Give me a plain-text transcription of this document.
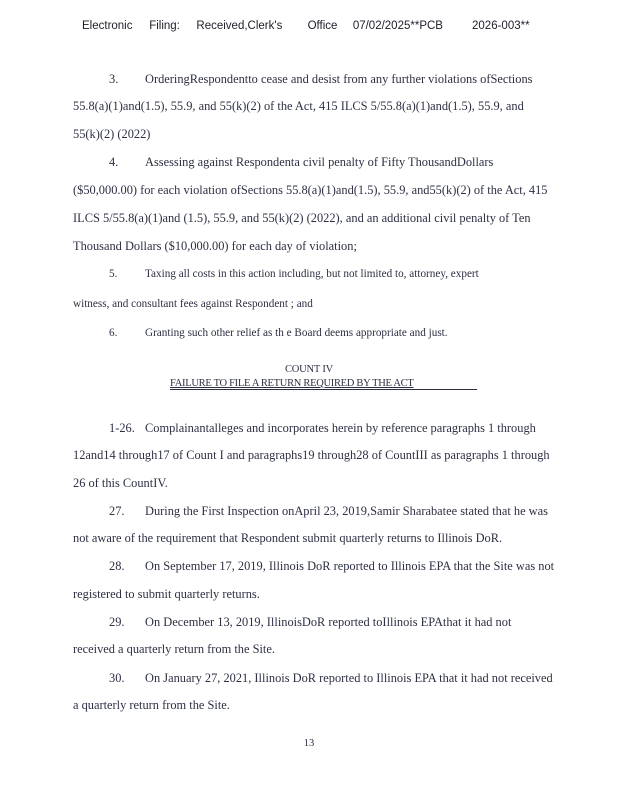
Electronic Filing: Received,Clerk's Office 07/02/2025**PCB	2026-003**
3. OrderingRespondentto cease and desist from any further violations ofSections
55.8(a)(1)and(1.5), 55.9, and 55(k)(2) of the Act, 415 ILCS 5/55.8(a)(1)and(1.5), 55.9, and
55(k)(2) (2022)
4. Assessing against Respondenta civil penalty of Fifty ThousandDollars
($50,000.00) for each violation ofSections 55.8(a)(1)and(1.5), 55.9, and55(k)(2) of the Act, 415
ILCS 5/55.8(a)(1)and (1.5), 55.9, and 55(k)(2) (2022), and an additional civil penalty of Ten
Thousand Dollars ($10,000.00) for each day of violation;
5. Taxing all costs in this action including, but not limited to, attorney, expert
witness, and consultant fees against Respondent ; and
6. Granting such other relief as th e Board deems appropriate and just.
COUNT IV
FAILURE TO FILE A RETURN REQUIRED BY THE ACT
1-26. Complainantalleges and incorporates herein by reference paragraphs 1 through
12and14 through17 of Count I and paragraphs19 through28 of CountIII as paragraphs 1 through
26 of this CountIV.
27. During the First Inspection onApril 23, 2019,Samir Sharabatee stated that he was
not aware of the requirement that Respondent submit quarterly returns to Illinois DoR.
28. On September 17, 2019, Illinois DoR reported to Illinois EPA that the Site was not
registered to submit quarterly returns.
29. On December 13, 2019, IllinoisDoR reported toIllinois EPAthat it had not
received a quarterly return from the Site.
30. On January 27, 2021, Illinois DoR reported to Illinois EPA that it had not received
a quarterly return from the Site.
13
